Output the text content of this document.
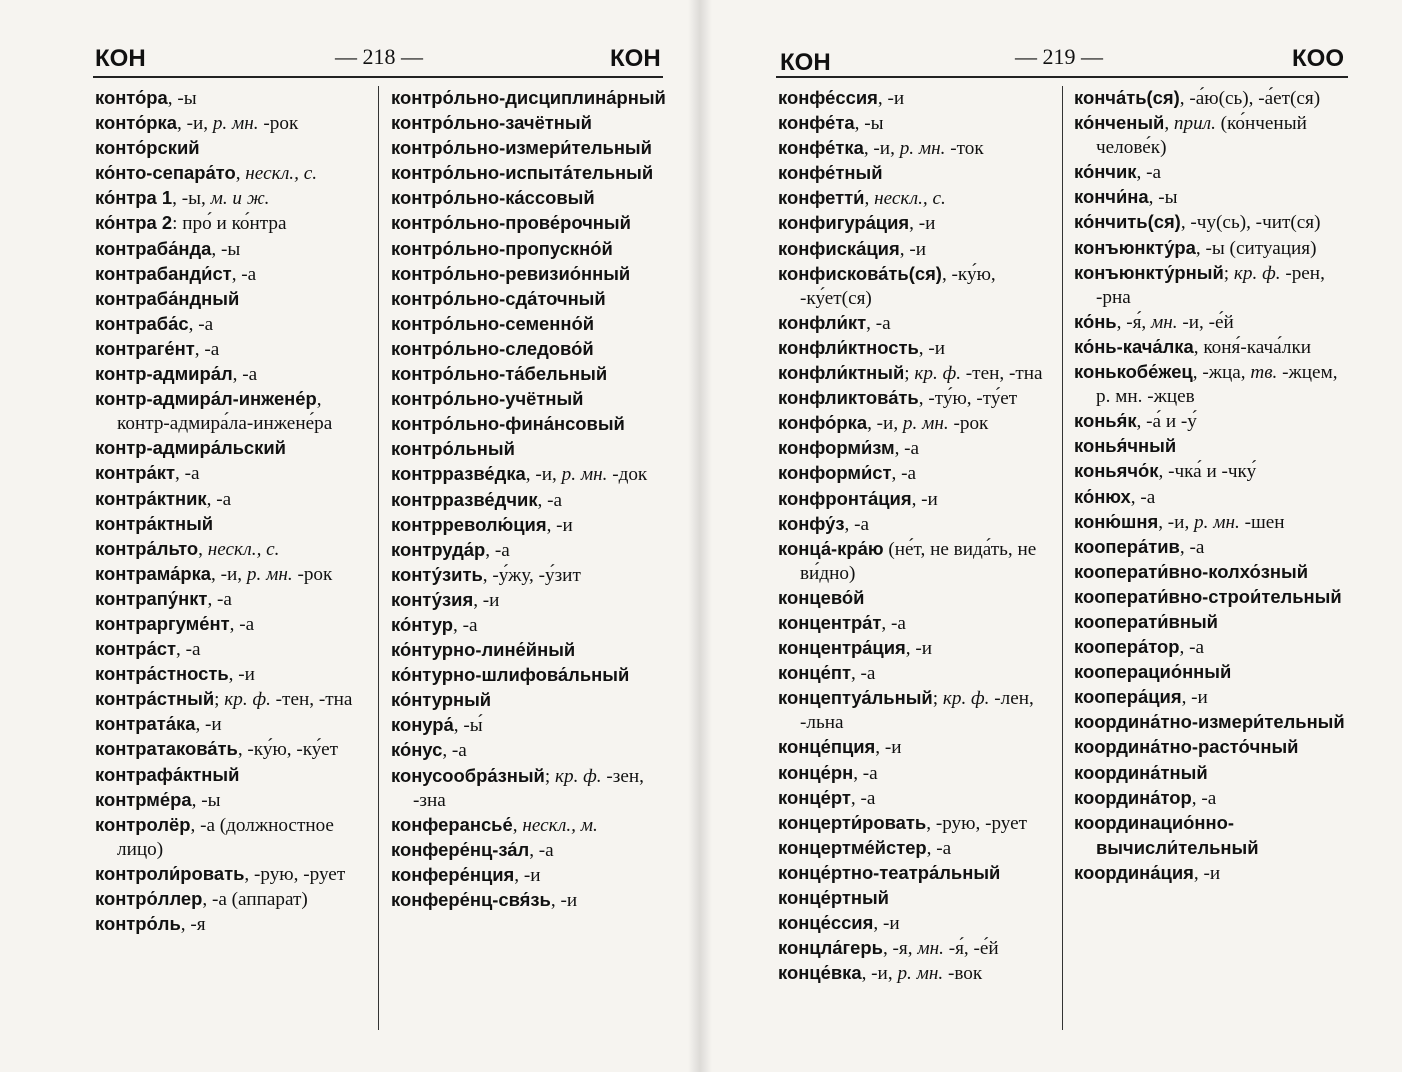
КОН	— 218 —	КОН

конто́ра, -ы

конто́рка, -и, р. мн. -рок

конто́рский

ко́нто-сепара́то, нескл., с.

ко́нтра 1, -ы, м. и ж.

ко́нтра 2: про́ и ко́нтра

контраба́нда, -ы

контрабанди́ст, -а

контраба́ндный

контраба́с, -а

контраге́нт, -а

контр-адмира́л, -а

контр-адмира́л-инжене́р, контр-адмира́ла-инжене́ра

контр-адмира́льский

контра́кт, -а

контра́ктник, -а

контра́ктный

контра́льто, нескл., с.

контрама́рка, -и, р. мн. -рок

контрапу́нкт, -а

контраргуме́нт, -а

контра́ст, -а

контра́стность, -и

контра́стный; кр. ф. -тен, -тна

контрата́ка, -и

контратакова́ть, -ку́ю, -ку́ет

контрафа́ктный

контрме́ра, -ы

контролёр, -а (должностное лицо)

контроли́ровать, -рую, -рует

контро́ллер, -а (аппарат)

контро́ль, -я

контро́льно-дисциплина́рный

контро́льно-зачётный

контро́льно-измери́тельный

контро́льно-испыта́тельный

контро́льно-ка́ссовый

контро́льно-прове́рочный

контро́льно-пропускно́й

контро́льно-ревизио́нный

контро́льно-сда́точный

контро́льно-семенно́й

контро́льно-следово́й

контро́льно-та́бельный

контро́льно-учётный

контро́льно-фина́нсовый

контро́льный

контрразве́дка, -и, р. мн. -док

контрразве́дчик, -а

контрреволю́ция, -и

контруда́р, -а

конту́зить, -у́жу, -у́зит

конту́зия, -и

ко́нтур, -а

ко́нтурно-лине́йный

ко́нтурно-шлифова́льный

ко́нтурный

конура́, -ы́

ко́нус, -а

конусообра́зный; кр. ф. -зен, -зна

конферансье́, нескл., м.

конфере́нц-за́л, -а

конфере́нция, -и

конфере́нц-свя́зь, -и

КОН	— 219 —	КОО

конфе́ссия, -и

конфе́та, -ы

конфе́тка, -и, р. мн. -ток

конфе́тный

конфетти́, нескл., с.

конфигура́ция, -и

конфиска́ция, -и

конфискова́ть(ся), -ку́ю, -ку́ет(ся)

конфли́кт, -а

конфли́ктность, -и

конфли́ктный; кр. ф. -тен, -тна

конфликтова́ть, -ту́ю, -ту́ет

конфо́рка, -и, р. мн. -рок

конформи́зм, -а

конформи́ст, -а

конфронта́ция, -и

конфу́з, -а

конца́-кра́ю (не́т, не вида́ть, не ви́дно)

концево́й

концентра́т, -а

концентра́ция, -и

конце́пт, -а

концептуа́льный; кр. ф. -лен, -льна

конце́пция, -и

конце́рн, -а

конце́рт, -а

концерти́ровать, -рую, -рует

концертме́йстер, -а

конце́ртно-театра́льный

конце́ртный

конце́ссия, -и

концла́герь, -я, мн. -я́, -е́й

конце́вка, -и, р. мн. -вок

конча́ть(ся), -а́ю(сь), -а́ет(ся)

ко́нченый, прил. (ко́нченый челове́к)

ко́нчик, -а

кончи́на, -ы

ко́нчить(ся), -чу(сь), -чит(ся)

конъюнкту́ра, -ы (ситуация)

конъюнкту́рный; кр. ф. -рен, -рна

ко́нь, -я́, мн. -и, -е́й

ко́нь-кача́лка, коня́-кача́лки

конькобе́жец, -жца, тв. -жцем, р. мн. -жцев

конья́к, -а́ и -у́

конья́чный

коньячо́к, -чка́ и -чку́

ко́нюх, -а

коню́шня, -и, р. мн. -шен

коопера́тив, -а

кооперати́вно-колхо́зный

кооперати́вно-строи́тельный

кооперати́вный

коопера́тор, -а

кооперацио́нный

коопера́ция, -и

координа́тно-измери́тельный

координа́тно-расто́чный

координа́тный

координа́тор, -а

координацио́нно-вычисли́тельный

координа́ция, -и
